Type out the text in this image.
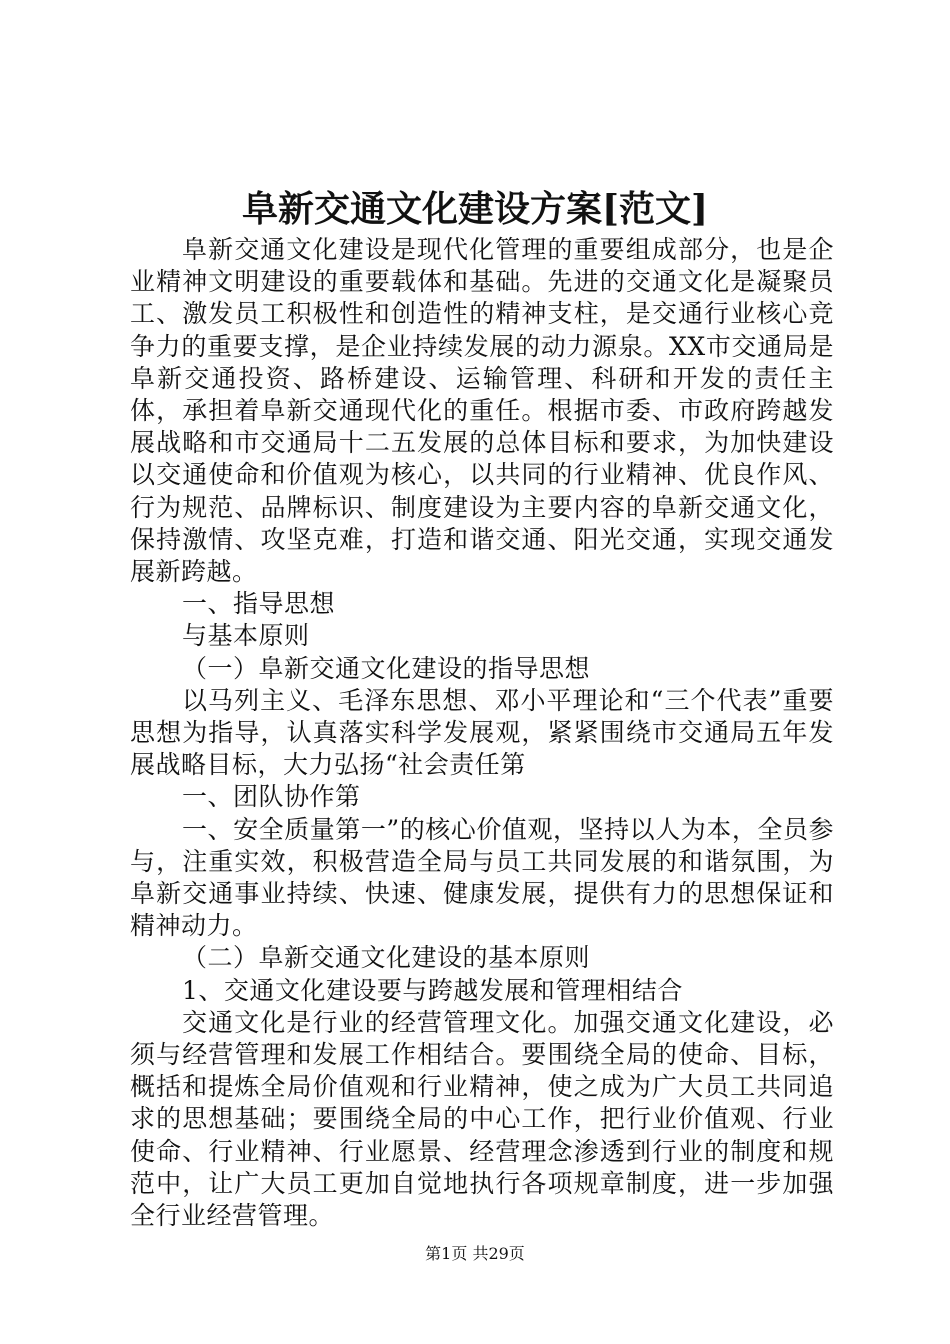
阜新交通文化建设方案[范文]

阜新交通文化建设是现代化管理的重要组成部分，也是企业精神文明建设的重要载体和基础。先进的交通文化是凝聚员工、激发员工积极性和创造性的精神支柱，是交通行业核心竞争力的重要支撑，是企业持续发展的动力源泉。XX市交通局是阜新交通投资、路桥建设、运输管理、科研和开发的责任主体，承担着阜新交通现代化的重任。根据市委、市政府跨越发展战略和市交通局十二五发展的总体目标和要求，为加快建设以交通使命和价值观为核心，以共同的行业精神、优良作风、行为规范、品牌标识、制度建设为主要内容的阜新交通文化，保持激情、攻坚克难，打造和谐交通、阳光交通，实现交通发展新跨越。

一、指导思想

与基本原则

（一）阜新交通文化建设的指导思想

以马列主义、毛泽东思想、邓小平理论和“三个代表”重要思想为指导，认真落实科学发展观，紧紧围绕市交通局五年发展战略目标，大力弘扬“社会责任第

一、团队协作第

一、安全质量第一”的核心价值观，坚持以人为本，全员参与，注重实效，积极营造全局与员工共同发展的和谐氛围，为阜新交通事业持续、快速、健康发展，提供有力的思想保证和精神动力。

（二）阜新交通文化建设的基本原则

1、交通文化建设要与跨越发展和管理相结合

交通文化是行业的经营管理文化。加强交通文化建设，必须与经营管理和发展工作相结合。要围绕全局的使命、目标，概括和提炼全局价值观和行业精神，使之成为广大员工共同追求的思想基础；要围绕全局的中心工作，把行业价值观、行业使命、行业精神、行业愿景、经营理念渗透到行业的制度和规范中，让广大员工更加自觉地执行各项规章制度，进一步加强全行业经营管理。

第1页 共29页
